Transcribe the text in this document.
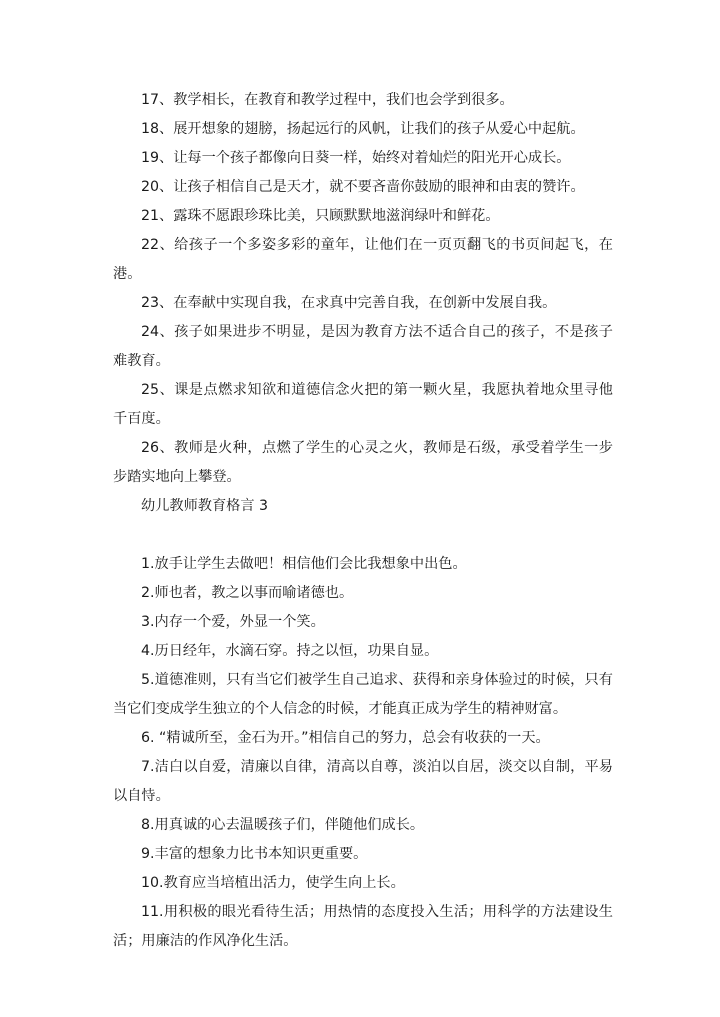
17、教学相长，在教育和教学过程中，我们也会学到很多。

18、展开想象的翅膀，扬起远行的风帆，让我们的孩子从爱心中起航。

19、让每一个孩子都像向日葵一样，始终对着灿烂的阳光开心成长。

20、让孩子相信自己是天才，就不要吝啬你鼓励的眼神和由衷的赞许。

21、露珠不愿跟珍珠比美，只顾默默地滋润绿叶和鲜花。

22、给孩子一个多姿多彩的童年，让他们在一页页翻飞的书页间起飞，在港。

23、在奉献中实现自我，在求真中完善自我，在创新中发展自我。

24、孩子如果进步不明显，是因为教育方法不适合自己的孩子，不是孩子难教育。

25、课是点燃求知欲和道德信念火把的第一颗火星，我愿执着地众里寻他千百度。

26、教师是火种，点燃了学生的心灵之火，教师是石级，承受着学生一步步踏实地向上攀登。

幼儿教师教育格言 3

1.放手让学生去做吧！相信他们会比我想象中出色。

2.师也者，教之以事而喻诸德也。

3.内存一个爱，外显一个笑。

4.历日经年，水滴石穿。持之以恒，功果自显。

5.道德准则，只有当它们被学生自己追求、获得和亲身体验过的时候，只有当它们变成学生独立的个人信念的时候，才能真正成为学生的精神财富。

6. “精诚所至，金石为开。”相信自己的努力，总会有收获的一天。

7.洁白以自爱，清廉以自律，清高以自尊，淡泊以自居，淡交以自制，平易以自恃。

8.用真诚的心去温暖孩子们，伴随他们成长。

9.丰富的想象力比书本知识更重要。

10.教育应当培植出活力，使学生向上长。

11.用积极的眼光看待生活；用热情的态度投入生活；用科学的方法建设生活；用廉洁的作风净化生活。
